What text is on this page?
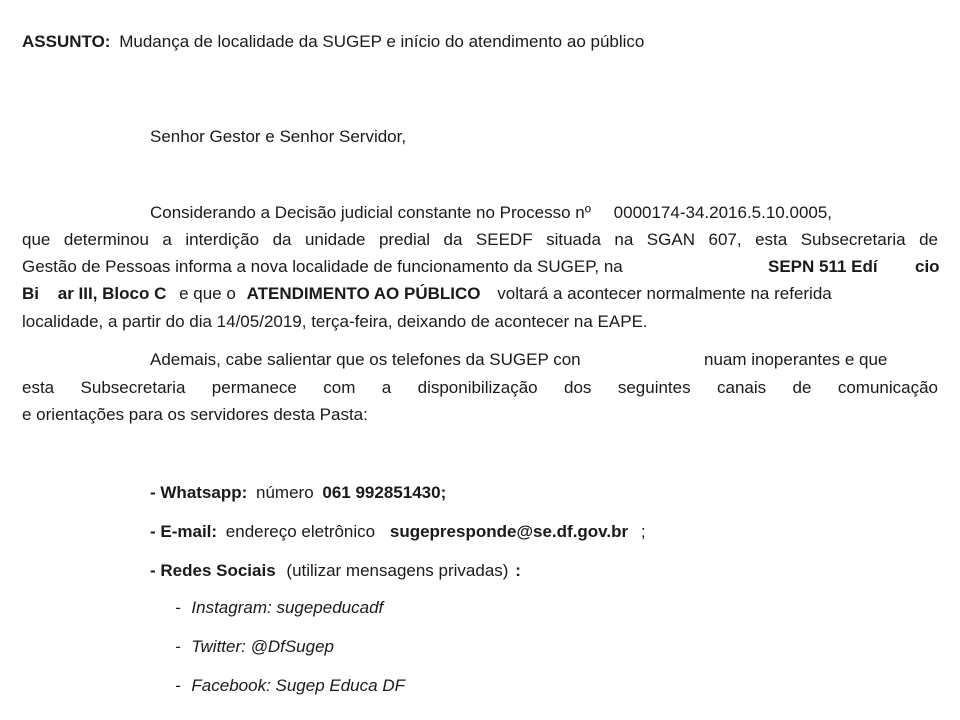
ASSUNTO: Mudança de localidade da SUGEP e início do atendimento ao público
Senhor Gestor e Senhor Servidor,
Considerando a Decisão judicial constante no Processo nº 0000174-34.2016.5.10.0005,
que determinou a interdição da unidade predial da SEEDF situada na SGAN 607, esta Subsecretaria de
Gestão de Pessoas informa a nova localidade de funcionamento da SUGEP, na	SEPN 511 Edí cio
Bi ar III, Bloco C e que o ATENDIMENTO AO PÚBLICO voltará a acontecer normalmente na referida
localidade, a partir do dia 14/05/2019, terça-feira, deixando de acontecer na EAPE.
Ademais, cabe salientar que os telefones da SUGEP con	nuam inoperantes e que
esta Subsecretaria permanece com a disponibilização dos seguintes canais de comunicação
e orientações para os servidores desta Pasta:
- Whatsapp: número 061 992851430;
- E-mail: endereço eletrônico sugepresponde@se.df.gov.br ;
- Redes Sociais (utilizar mensagens privadas) :
- Instagram: sugepeducadf
- Twitter: @DfSugep
- Facebook: Sugep Educa DF
